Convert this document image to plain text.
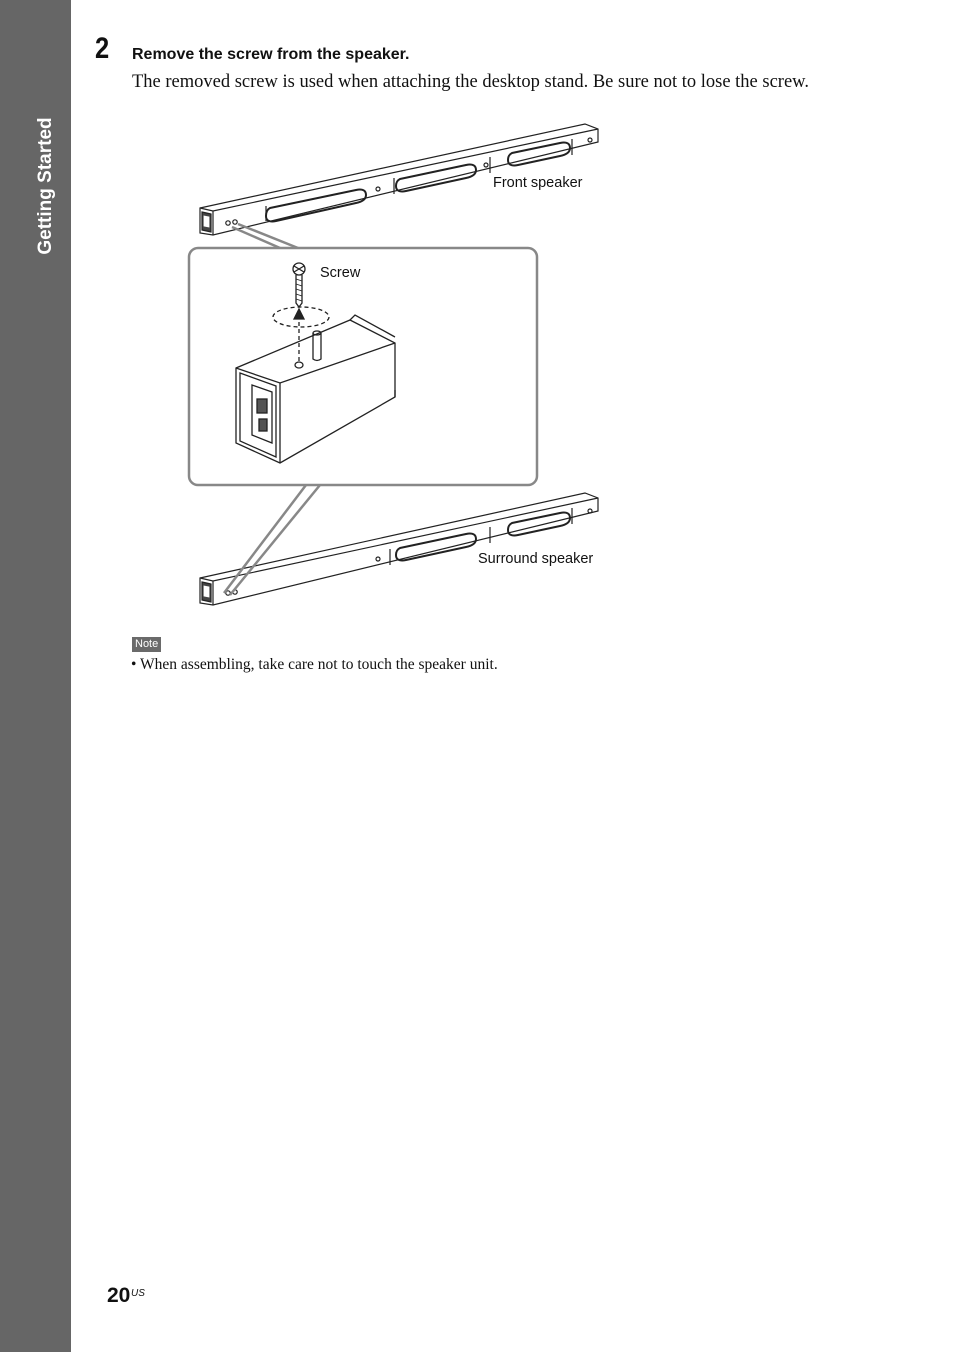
Getting Started
2 Remove the screw from the speaker.
The removed screw is used when attaching the desktop stand. Be sure not to lose the screw.
Front speaker
Screw
Surround speaker
Note
• When assembling, take care not to touch the speaker unit.
20 US
